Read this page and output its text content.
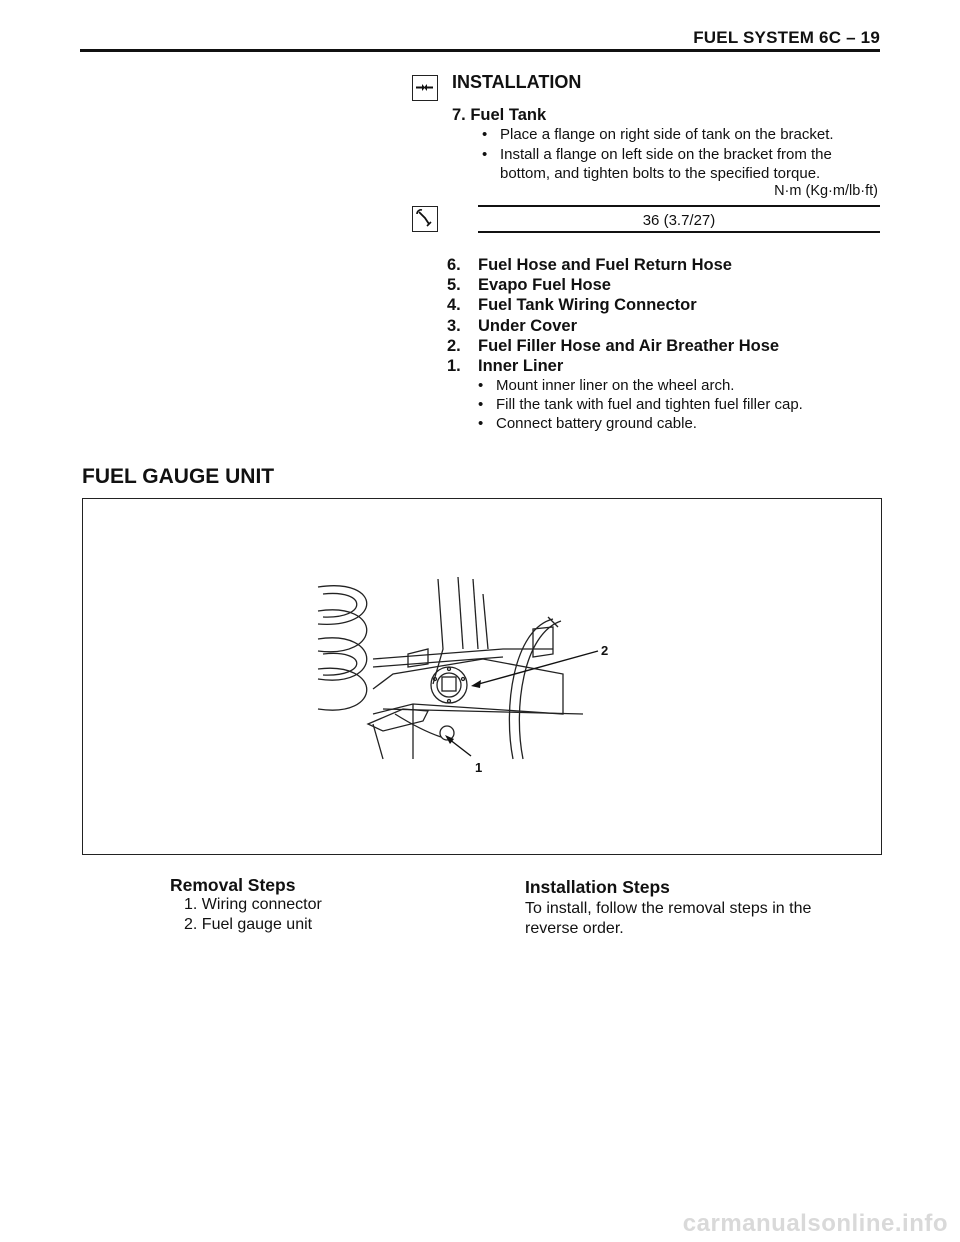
FUEL SYSTEM 6C – 19
INSTALLATION
7. Fuel Tank
• Place a flange on right side of tank on the bracket.
• Install a flange on left side on the bracket from the
bottom, and tighten bolts to the specified torque.
N·m (Kg·m/lb·ft)
36 (3.7/27)
6. Fuel Hose and Fuel Return Hose
5. Evapo Fuel Hose
4. Fuel Tank Wiring Connector
3. Under Cover
2. Fuel Filler Hose and Air Breather Hose
1. Inner Liner
• Mount inner liner on the wheel arch.
• Fill the tank with fuel and tighten fuel filler cap.
• Connect battery ground cable.
FUEL GAUGE UNIT
2
1
Removal Steps
1. Wiring connector
2. Fuel gauge unit
Installation Steps
To install, follow the removal steps in the
reverse order.
carmanualsonline.info
